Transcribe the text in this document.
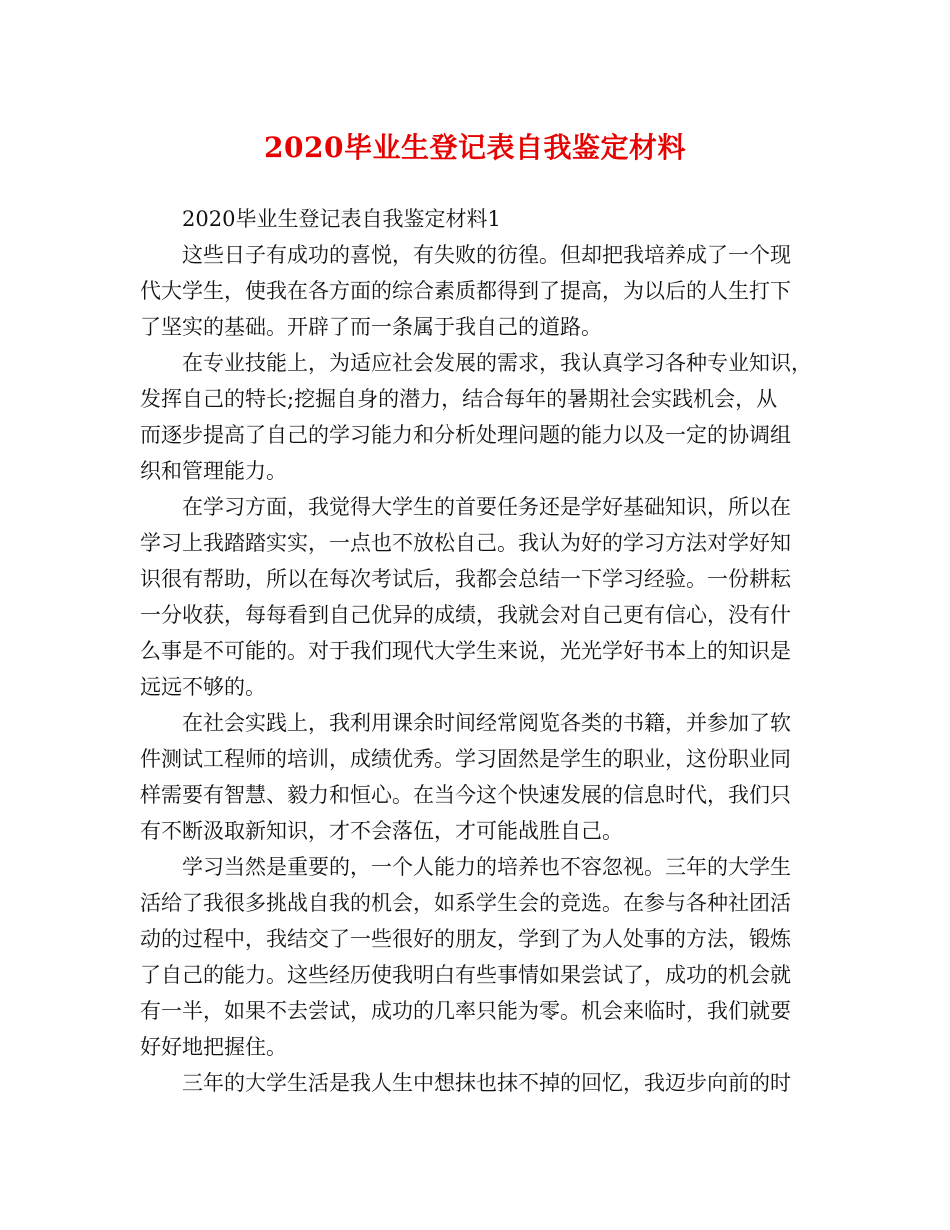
2020毕业生登记表自我鉴定材料
2020毕业生登记表自我鉴定材料1
这些日子有成功的喜悦，有失败的彷徨。但却把我培养成了一个现
代大学生，使我在各方面的综合素质都得到了提高，为以后的人生打下
了坚实的基础。开辟了而一条属于我自己的道路。
在专业技能上，为适应社会发展的需求，我认真学习各种专业知识，
发挥自己的特长;挖掘自身的潜力，结合每年的暑期社会实践机会，从
而逐步提高了自己的学习能力和分析处理问题的能力以及一定的协调组
织和管理能力。
在学习方面，我觉得大学生的首要任务还是学好基础知识，所以在
学习上我踏踏实实，一点也不放松自己。我认为好的学习方法对学好知
识很有帮助，所以在每次考试后，我都会总结一下学习经验。一份耕耘
一分收获，每每看到自己优异的成绩，我就会对自己更有信心，没有什
么事是不可能的。对于我们现代大学生来说，光光学好书本上的知识是
远远不够的。
在社会实践上，我利用课余时间经常阅览各类的书籍，并参加了软
件测试工程师的培训，成绩优秀。学习固然是学生的职业，这份职业同
样需要有智慧、毅力和恒心。在当今这个快速发展的信息时代，我们只
有不断汲取新知识，才不会落伍，才可能战胜自己。
学习当然是重要的，一个人能力的培养也不容忽视。三年的大学生
活给了我很多挑战自我的机会，如系学生会的竞选。在参与各种社团活
动的过程中，我结交了一些很好的朋友，学到了为人处事的方法，锻炼
了自己的能力。这些经历使我明白有些事情如果尝试了，成功的机会就
有一半，如果不去尝试，成功的几率只能为零。机会来临时，我们就要
好好地把握住。
三年的大学生活是我人生中想抹也抹不掉的回忆，我迈步向前的时
